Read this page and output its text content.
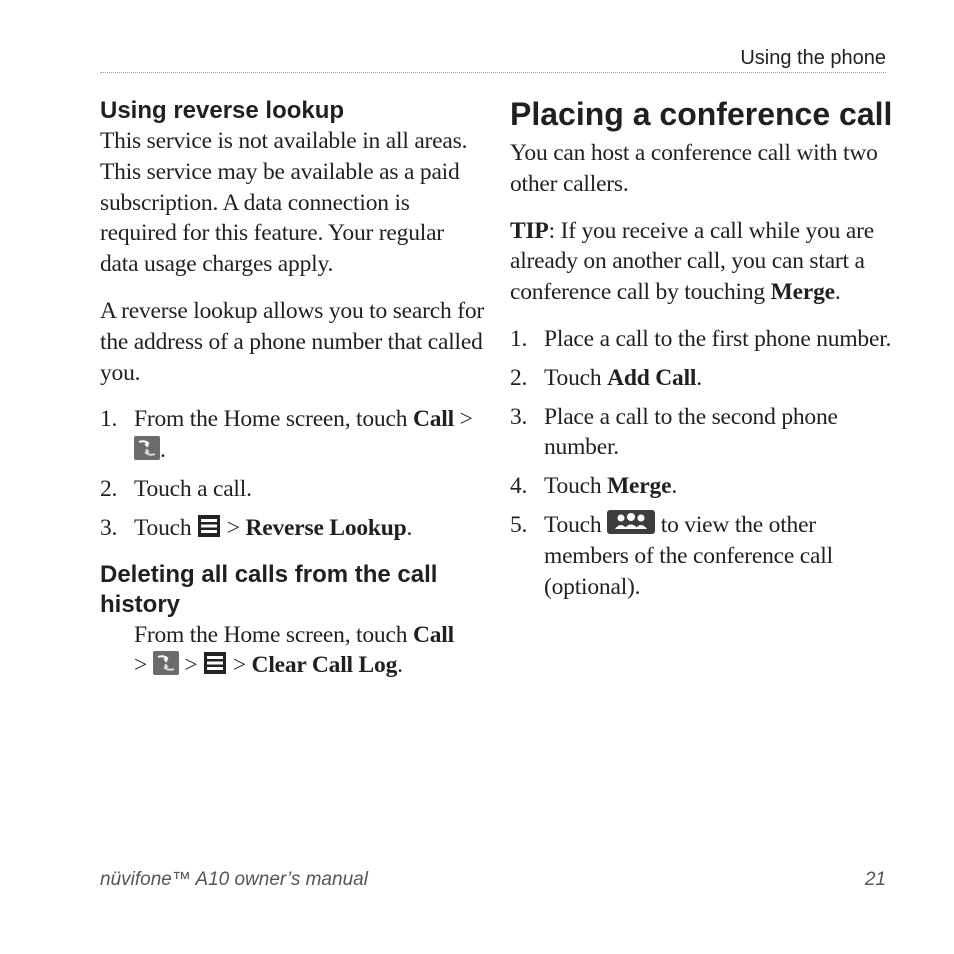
Using the phone
Using reverse lookup

This service is not available in all areas. This service may be available as a paid subscription. A data connection is required for this feature. Your regular data usage charges apply.

A reverse lookup allows you to search for the address of a phone number that called you.

1. From the Home screen, touch Call >
.
2. Touch a call.
3. Touch  > Reverse Lookup.
Deleting all calls from the call history

From the Home screen, touch Call
>
>  > Clear Call Log.

Placing a conference call

You can host a conference call with two other callers.

TIP: If you receive a call while you are already on another call, you can start a conference call by touching Merge.

1. Place a call to the first phone number.
2. Touch Add Call.
3. Place a call to the second phone number.
4. Touch Merge.
5. Touch  to view the other members of the conference call (optional).
nüvifone™ A10 owner’s manual	21
